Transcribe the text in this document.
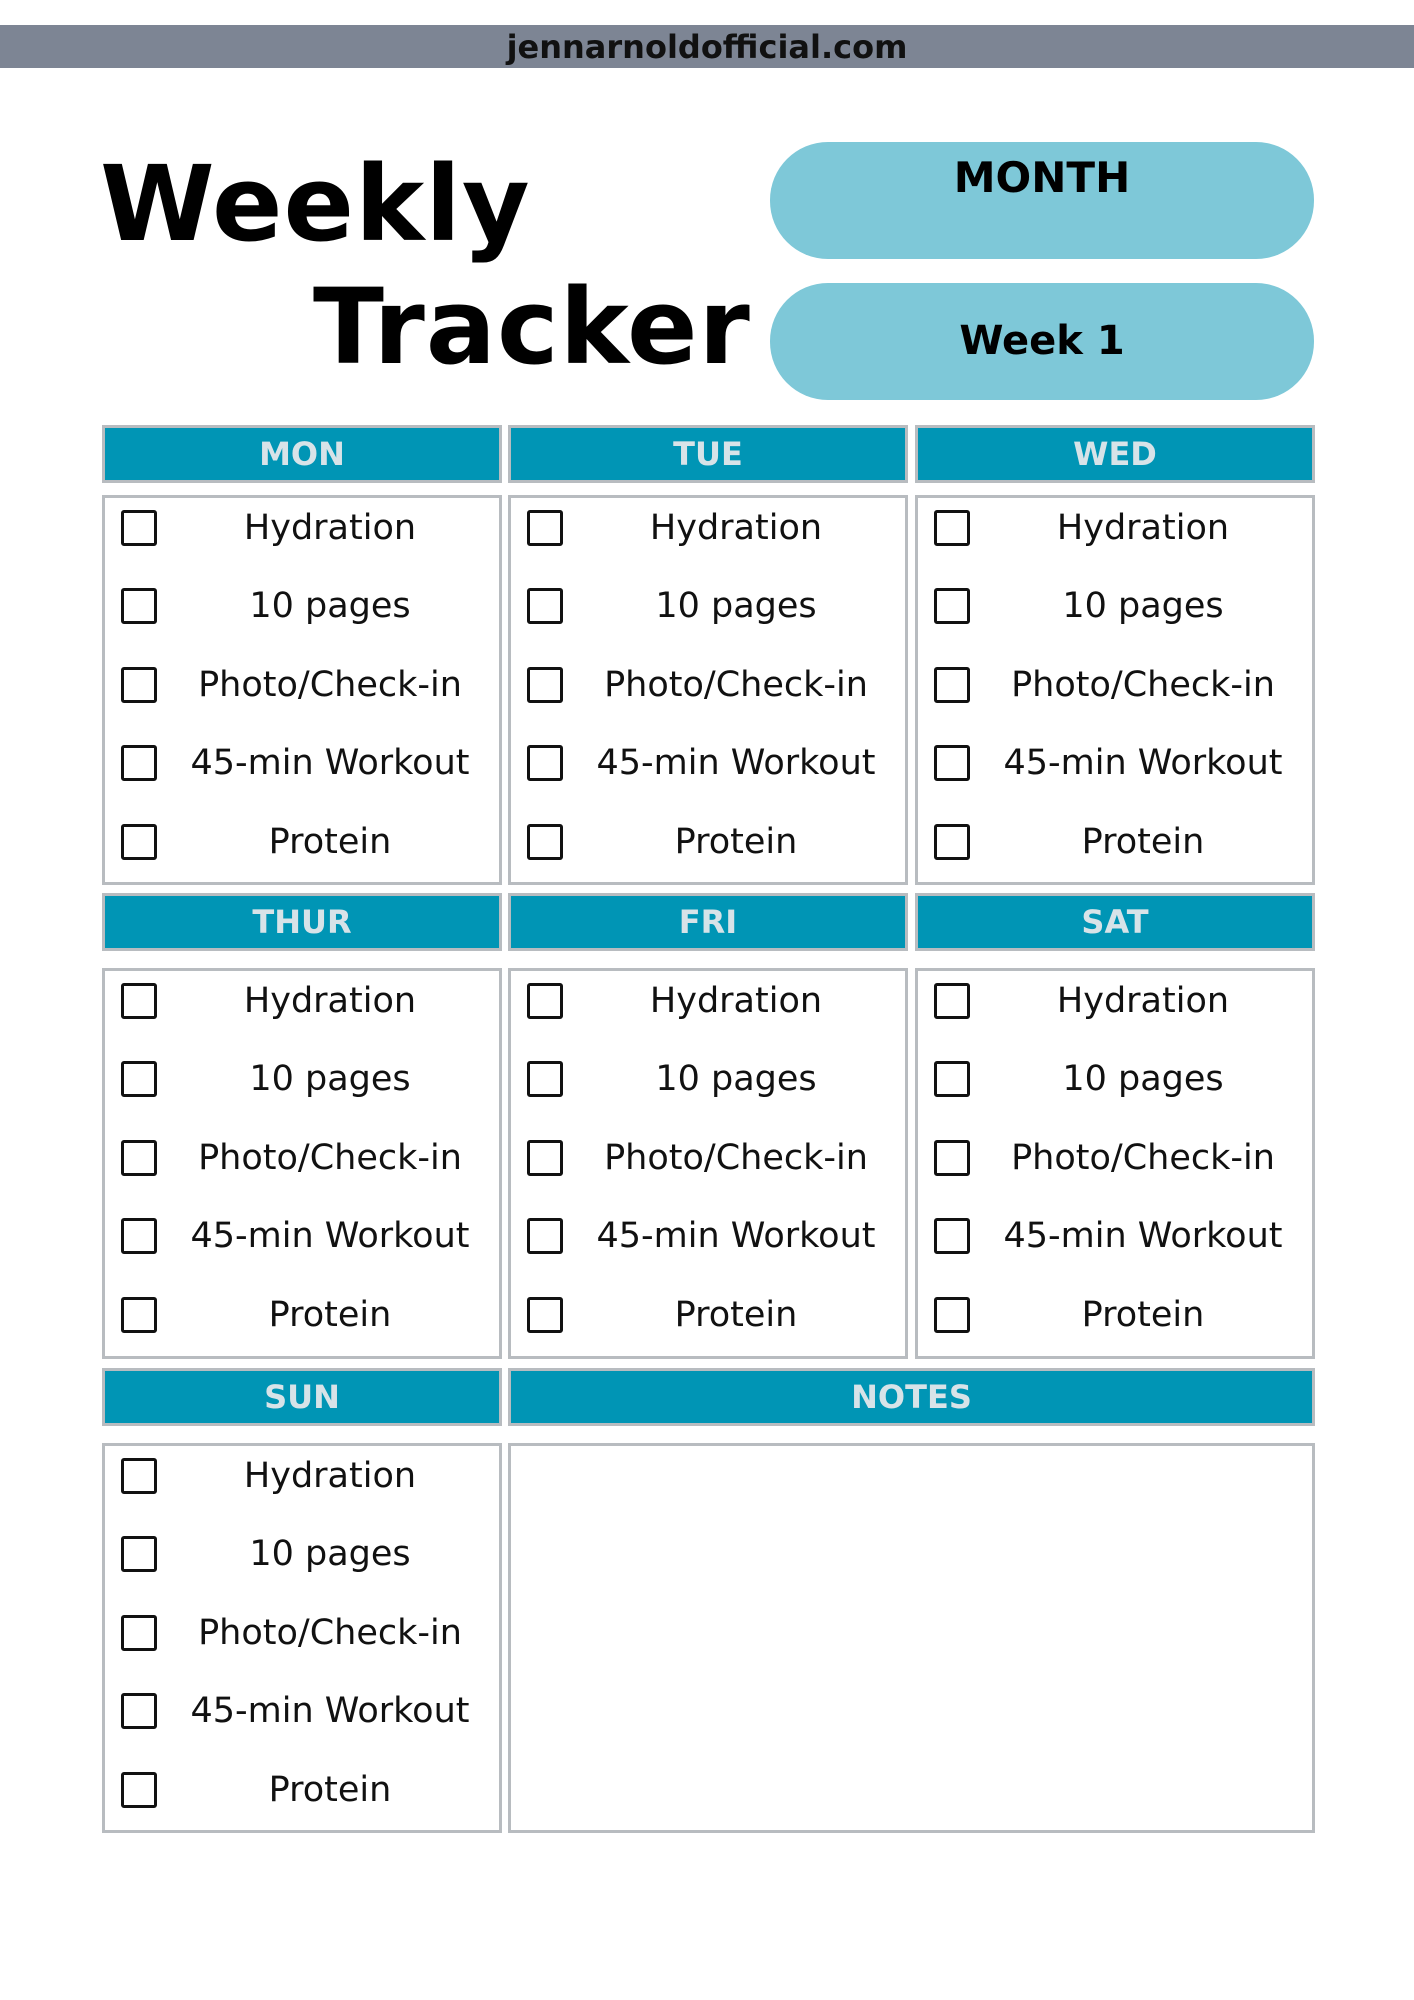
jennarnoldofficial.com
Weekly
Tracker
MONTH
Week 1
MON
Hydration
10 pages
Photo/Check-in
45-min Workout
Protein
TUE
Hydration
10 pages
Photo/Check-in
45-min Workout
Protein
WED
Hydration
10 pages
Photo/Check-in
45-min Workout
Protein
THUR
Hydration
10 pages
Photo/Check-in
45-min Workout
Protein
FRI
Hydration
10 pages
Photo/Check-in
45-min Workout
Protein
SAT
Hydration
10 pages
Photo/Check-in
45-min Workout
Protein
SUN
Hydration
10 pages
Photo/Check-in
45-min Workout
Protein
NOTES
